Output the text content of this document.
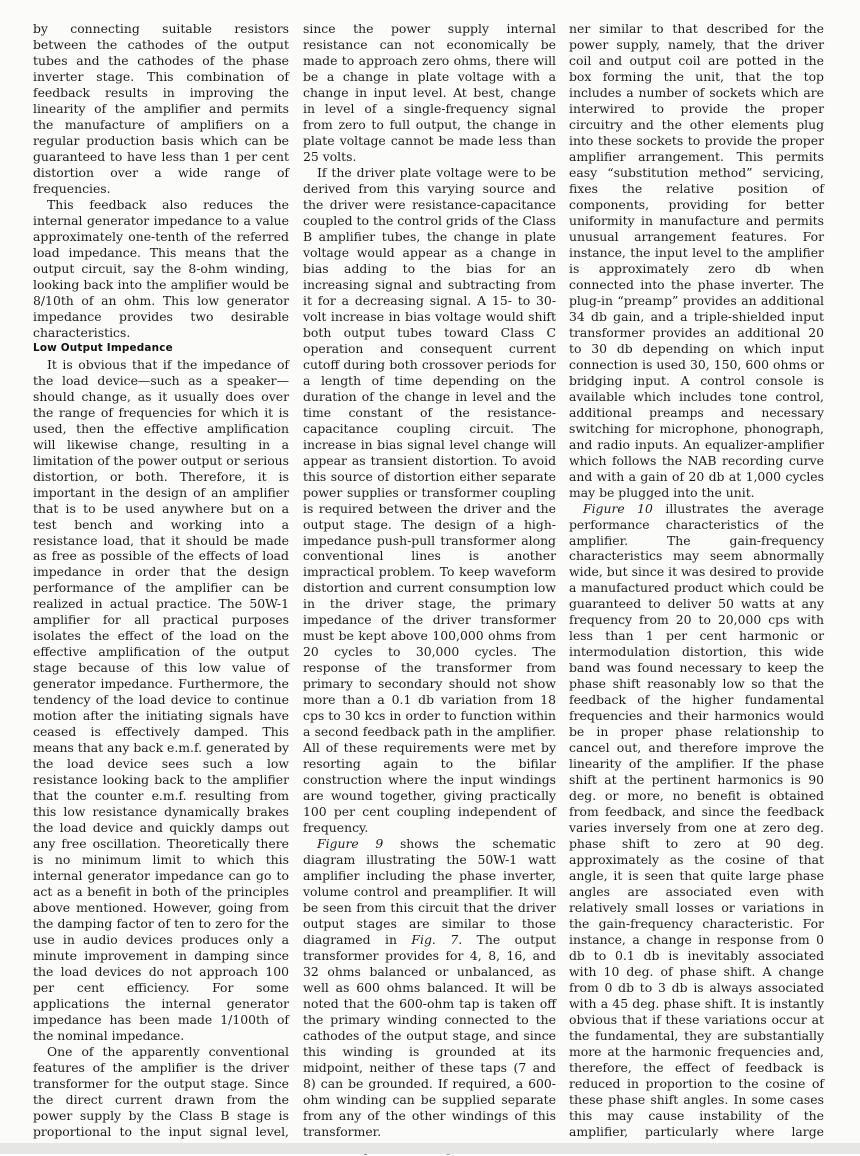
by connecting suitable resistors between the cathodes of the output tubes and the cathodes of the phase inverter stage. This combination of feedback results in improving the linearity of the amplifier and permits the manufacture of amplifiers on a regular production basis which can be guaranteed to have less than 1 per cent distortion over a wide range of frequencies.

This feedback also reduces the internal generator impedance to a value approximately one-tenth of the referred load impedance. This means that the output circuit, say the 8-ohm winding, looking back into the amplifier would be 8/10th of an ohm. This low generator impedance provides two desirable characteristics.

Low Output Impedance

It is obvious that if the impedance of the load device—such as a speaker—should change, as it usually does over the range of frequencies for which it is used, then the effective amplification will likewise change, resulting in a limitation of the power output or serious distortion, or both. Therefore, it is important in the design of an amplifier that is to be used anywhere but on a test bench and working into a resistance load, that it should be made as free as possible of the effects of load impedance in order that the design performance of the amplifier can be realized in actual practice. The 50W-1 amplifier for all practical purposes isolates the effect of the load on the effective amplification of the output stage because of this low value of generator impedance. Furthermore, the tendency of the load device to continue motion after the initiating signals have ceased is effectively damped. This means that any back e.m.f. generated by the load device sees such a low resistance looking back to the amplifier that the counter e.m.f. resulting from this low resistance dynamically brakes the load device and quickly damps out any free oscillation. Theoretically there is no minimum limit to which this internal generator impedance can go to act as a benefit in both of the principles above mentioned. However, going from the damping factor of ten to zero for the use in audio devices produces only a minute improvement in damping since the load devices do not approach 100 per cent efficiency. For some applications the internal generator impedance has been made 1/100th of the nominal impedance.

One of the apparently conventional features of the amplifier is the driver transformer for the output stage. Since the direct current drawn from the power supply by the Class B stage is proportional to the input signal level,

since the power supply internal resistance can not economically be made to approach zero ohms, there will be a change in plate voltage with a change in input level. At best, change in level of a single-frequency signal from zero to full output, the change in plate voltage cannot be made less than 25 volts.

If the driver plate voltage were to be derived from this varying source and the driver were resistance-capacitance coupled to the control grids of the Class B amplifier tubes, the change in plate voltage would appear as a change in bias adding to the bias for an increasing signal and subtracting from it for a decreasing signal. A 15- to 30-volt increase in bias voltage would shift both output tubes toward Class C operation and consequent current cutoff during both crossover periods for a length of time depending on the duration of the change in level and the time constant of the resistance-capacitance coupling circuit. The increase in bias signal level change will appear as transient distortion. To avoid this source of distortion either separate power supplies or transformer coupling is required between the driver and the output stage. The design of a high-impedance push-pull transformer along conventional lines is another impractical problem. To keep waveform distortion and current consumption low in the driver stage, the primary impedance of the driver transformer must be kept above 100,000 ohms from 20 cycles to 30,000 cycles. The response of the transformer from primary to secondary should not show more than a 0.1 db variation from 18 cps to 30 kcs in order to function within a second feedback path in the amplifier. All of these requirements were met by resorting again to the bifilar construction where the input windings are wound together, giving practically 100 per cent coupling independent of frequency.

Figure 9 shows the schematic diagram illustrating the 50W-1 watt amplifier including the phase inverter, volume control and preamplifier. It will be seen from this circuit that the driver output stages are similar to those diagramed in Fig. 7. The output transformer provides for 4, 8, 16, and 32 ohms balanced or unbalanced, as well as 600 ohms balanced. It will be noted that the 600-ohm tap is taken off the primary winding connected to the cathodes of the output stage, and since this winding is grounded at its midpoint, neither of these taps (7 and 8) can be grounded. If required, a 600-ohm winding can be supplied separate from any of the other windings of this transformer.

ner similar to that described for the power supply, namely, that the driver coil and output coil are potted in the box forming the unit, that the top includes a number of sockets which are interwired to provide the proper circuitry and the other elements plug into these sockets to provide the proper amplifier arrangement. This permits easy “substitution method” servicing, fixes the relative position of components, providing for better uniformity in manufacture and permits unusual arrangement features. For instance, the input level to the amplifier is approximately zero db when connected into the phase inverter. The plug-in “preamp” provides an additional 34 db gain, and a triple-shielded input transformer provides an additional 20 to 30 db depending on which input connection is used 30, 150, 600 ohms or bridging input. A control console is available which includes tone control, additional preamps and necessary switching for microphone, phonograph, and radio inputs. An equalizer-amplifier which follows the NAB recording curve and with a gain of 20 db at 1,000 cycles may be plugged into the unit.

Figure 10 illustrates the average performance characteristics of the amplifier. The gain-frequency characteristics may seem abnormally wide, but since it was desired to provide a manufactured product which could be guaranteed to deliver 50 watts at any frequency from 20 to 20,000 cps with less than 1 per cent harmonic or intermodulation distortion, this wide band was found necessary to keep the phase shift reasonably low so that the feedback of the higher fundamental frequencies and their harmonics would be in proper phase relationship to cancel out, and therefore improve the linearity of the amplifier. If the phase shift at the pertinent harmonics is 90 deg. or more, no benefit is obtained from feedback, and since the feedback varies inversely from one at zero deg. phase shift to zero at 90 deg. approximately as the cosine of that angle, it is seen that quite large phase angles are associated even with relatively small losses or variations in the gain-frequency characteristic. For instance, a change in response from 0 db to 0.1 db is inevitably associated with 10 deg. of phase shift. A change from 0 db to 3 db is always associated with a 45 deg. phase shift. It is instantly obvious that if these variations occur at the fundamental, they are substantially more at the harmonic frequencies and, therefore, the effect of feedback is reduced in proportion to the cosine of these phase shift angles. In some cases this may cause instability of the amplifier, particularly where large
